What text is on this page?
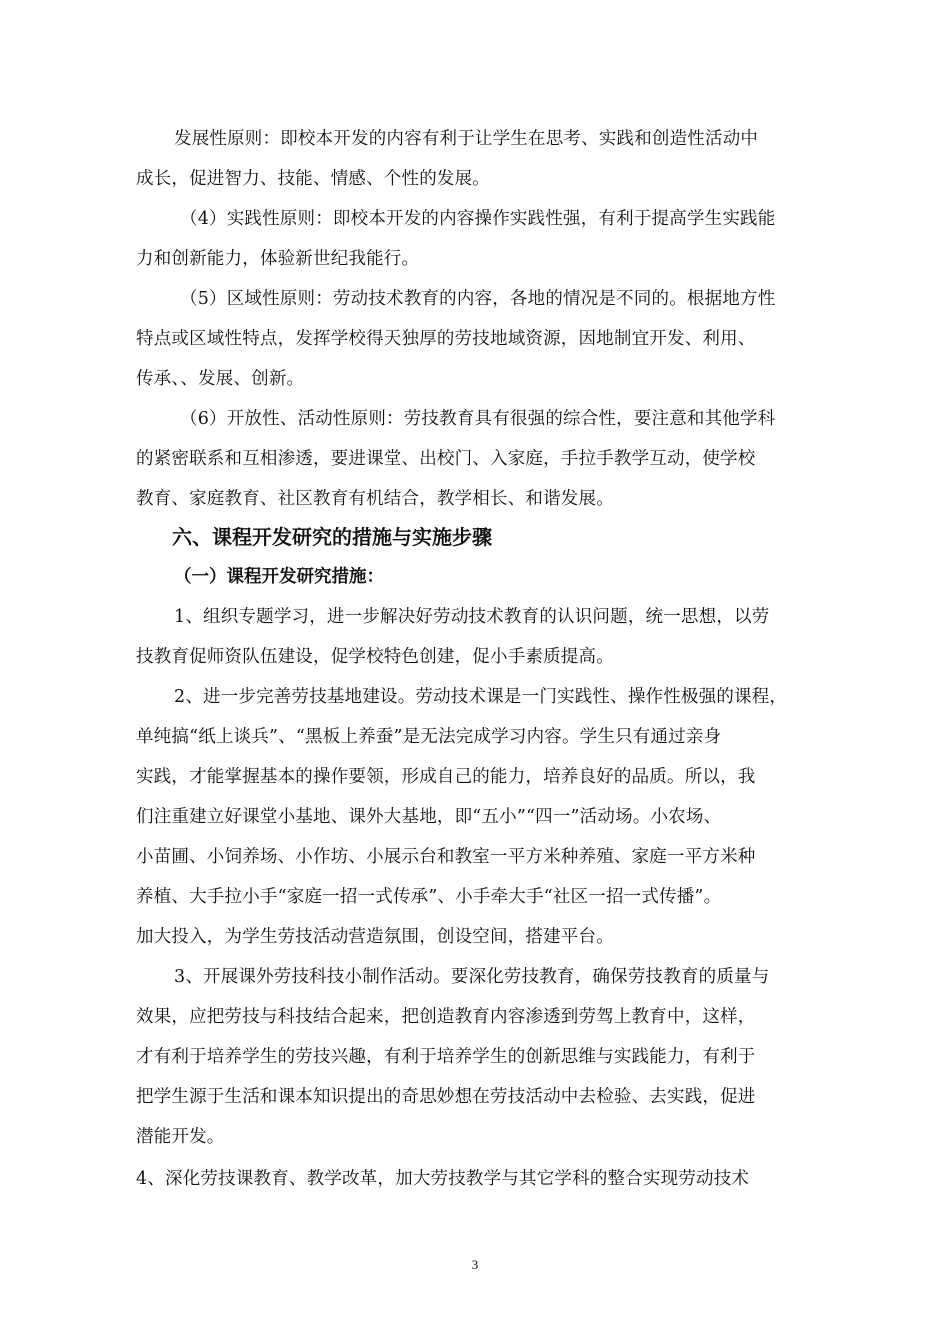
发展性原则：即校本开发的内容有利于让学生在思考、实践和创造性活动中
成长，促进智力、技能、情感、个性的发展。
（4）实践性原则：即校本开发的内容操作实践性强，有利于提高学生实践能
力和创新能力，体验新世纪我能行。
（5）区域性原则：劳动技术教育的内容，各地的情况是不同的。根据地方性
特点或区域性特点，发挥学校得天独厚的劳技地域资源，因地制宜开发、利用、
传承、、发展、创新。
（6）开放性、活动性原则：劳技教育具有很强的综合性，要注意和其他学科
的紧密联系和互相渗透，要进课堂、出校门、入家庭，手拉手教学互动，使学校
教育、家庭教育、社区教育有机结合，教学相长、和谐发展。
六、课程开发研究的措施与实施步骤
（一）课程开发研究措施：
1、组织专题学习，进一步解决好劳动技术教育的认识问题，统一思想，以劳
技教育促师资队伍建设，促学校特色创建，促小手素质提高。
2、进一步完善劳技基地建设。劳动技术课是一门实践性、操作性极强的课程，
单纯搞“纸上谈兵”、“黑板上养蚕”是无法完成学习内容。学生只有通过亲身
实践，才能掌握基本的操作要领，形成自己的能力，培养良好的品质。所以，我
们注重建立好课堂小基地、课外大基地，即“五小”“四一”活动场。小农场、
小苗圃、小饲养场、小作坊、小展示台和教室一平方米种养殖、家庭一平方米种
养植、大手拉小手“家庭一招一式传承”、小手牵大手“社区一招一式传播”。
加大投入，为学生劳技活动营造氛围，创设空间，搭建平台。
3、开展课外劳技科技小制作活动。要深化劳技教育，确保劳技教育的质量与
效果，应把劳技与科技结合起来，把创造教育内容渗透到劳驾上教育中，这样，
才有利于培养学生的劳技兴趣，有利于培养学生的创新思维与实践能力，有利于
把学生源于生活和课本知识提出的奇思妙想在劳技活动中去检验、去实践，促进
潜能开发。
4、深化劳技课教育、教学改革，加大劳技教学与其它学科的整合实现劳动技术
3
